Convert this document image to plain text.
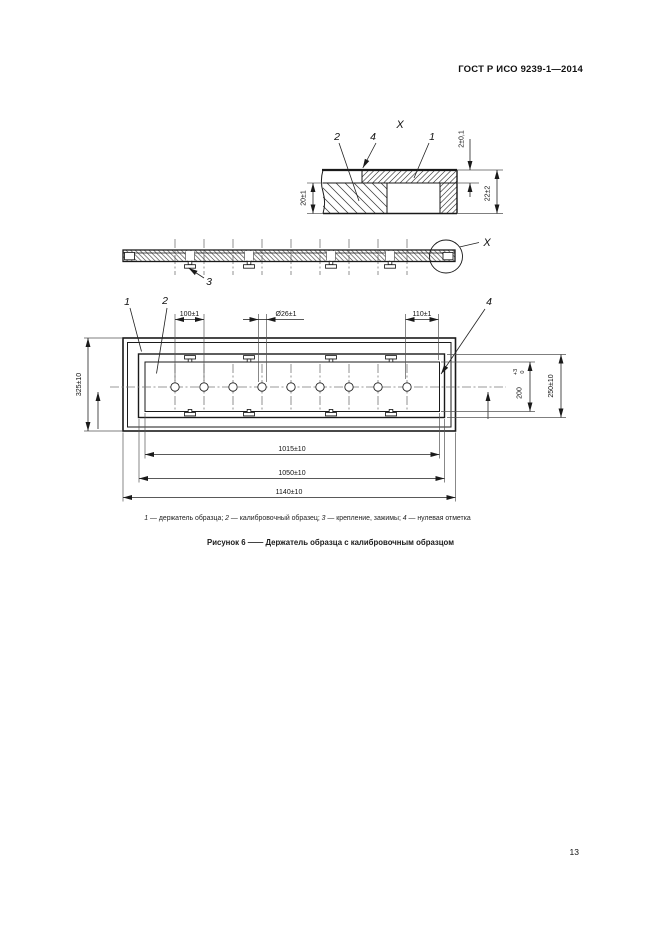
ГОСТ Р ИСО 9239-1—2014
X
2	4	1	2±0,1
22±2
20±1
3
X
1	2	4
100±1	Ø26±1	110±1
325±10	200
+3 0
250±10
1015±10
1050±10
1140±10
1 — держатель образца; 2 — калибровочный образец; 3 — крепление, зажимы; 4 — нулевая отметка
Рисунок 6 —— Держатель образца с калибровочным образцом
13
